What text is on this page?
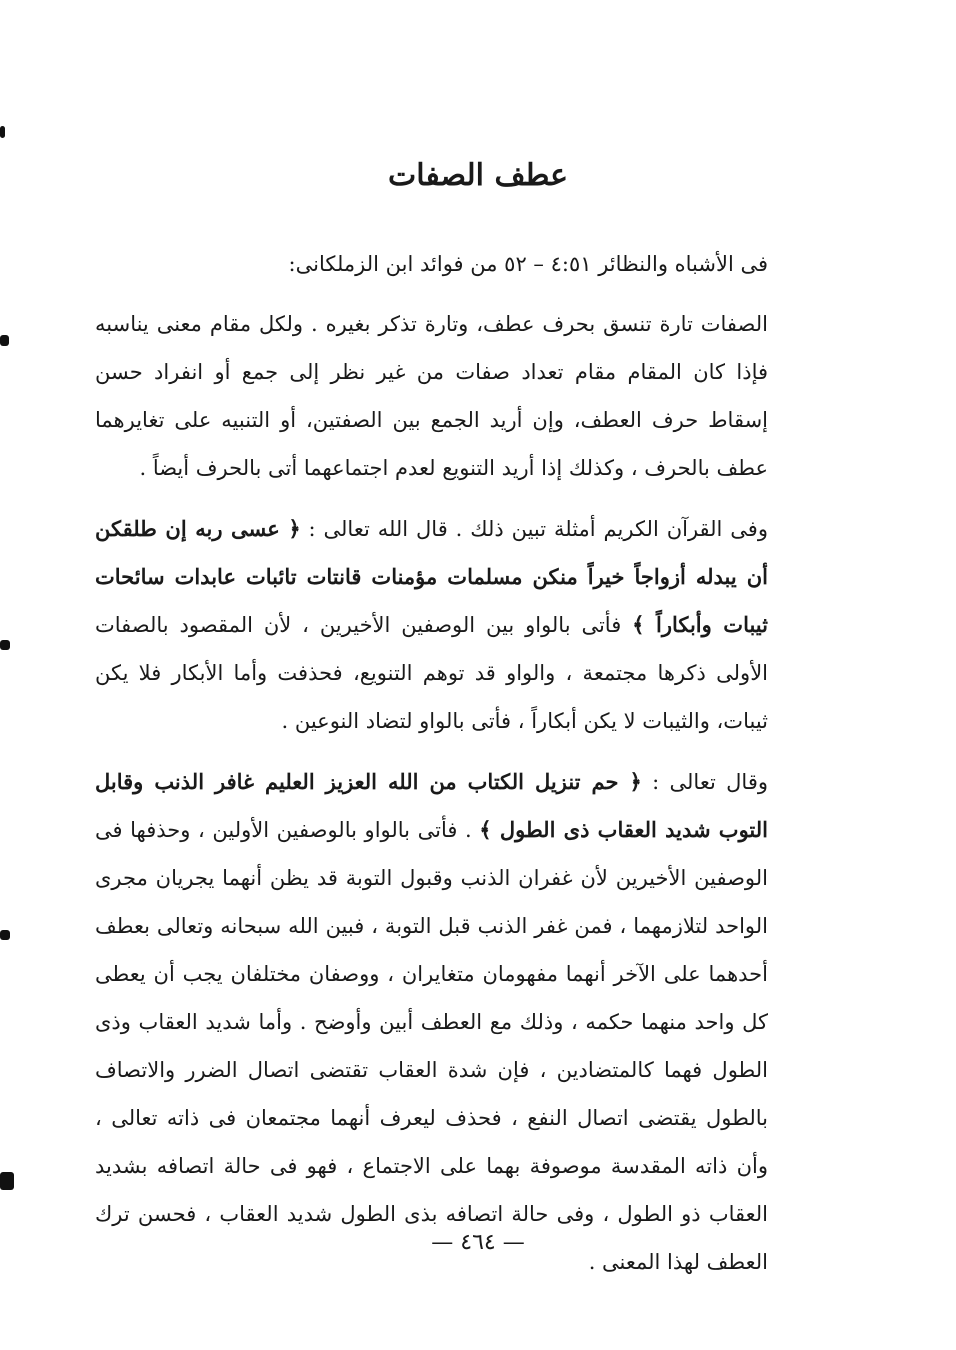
عطف الصفات

فى الأشباه والنظائر ٤:٥١ – ٥٢ من فوائد ابن الزملكانى:

الصفات تارة تنسق بحرف عطف، وتارة تذكر بغيره . ولكل مقام معنى يناسبه فإذا كان المقام مقام تعداد صفات من غير نظر إلى جمع أو انفراد حسن إسقاط حرف العطف، وإن أريد الجمع بين الصفتين، أو التنبيه على تغايرهما عطف بالحرف ، وكذلك إذا أريد التنويع لعدم اجتماعهما أتى بالحرف أيضاً .

وفى القرآن الكريم أمثلة تبين ذلك . قال الله تعالى : ﴿ عسى ربه إن طلقكن أن يبدله أزواجاً خيراً منكن مسلمات مؤمنات قانتات تائبات عابدات سائحات ثيبات وأبكاراً ﴾ فأتى بالواو بين الوصفين الأخيرين ، لأن المقصود بالصفات الأولى ذكرها مجتمعة ، والواو قد توهم التنويع، فحذفت وأما الأبكار فلا يكن ثيبات، والثيبات لا يكن أبكاراً ، فأتى بالواو لتضاد النوعين .

وقال تعالى : ﴿ حم تنزيل الكتاب من الله العزيز العليم غافر الذنب وقابل التوب شديد العقاب ذى الطول ﴾ . فأتى بالواو بالوصفين الأولين ، وحذفها فى الوصفين الأخيرين لأن غفران الذنب وقبول التوبة قد يظن أنهما يجريان مجرى الواحد لتلازمهما ، فمن غفر الذنب قبل التوبة ، فبين الله سبحانه وتعالى بعطف أحدهما على الآخر أنهما مفهومان متغايران ، ووصفان مختلفان يجب أن يعطى كل واحد منهما حكمه ، وذلك مع العطف أبين وأوضح . وأما شديد العقاب وذى الطول فهما كالمتضادين ، فإن شدة العقاب تقتضى اتصال الضرر والاتصاف بالطول يقتضى اتصال النفع ، فحذف ليعرف أنهما مجتمعان فى ذاته تعالى ، وأن ذاته المقدسة موصوفة بهما على الاجتماع ، فهو فى حالة اتصافه بشديد العقاب ذو الطول ، وفى حالة اتصافه بذى الطول شديد العقاب ، فحسن ترك العطف لهذا المعنى .

— ٤٦٤ —
